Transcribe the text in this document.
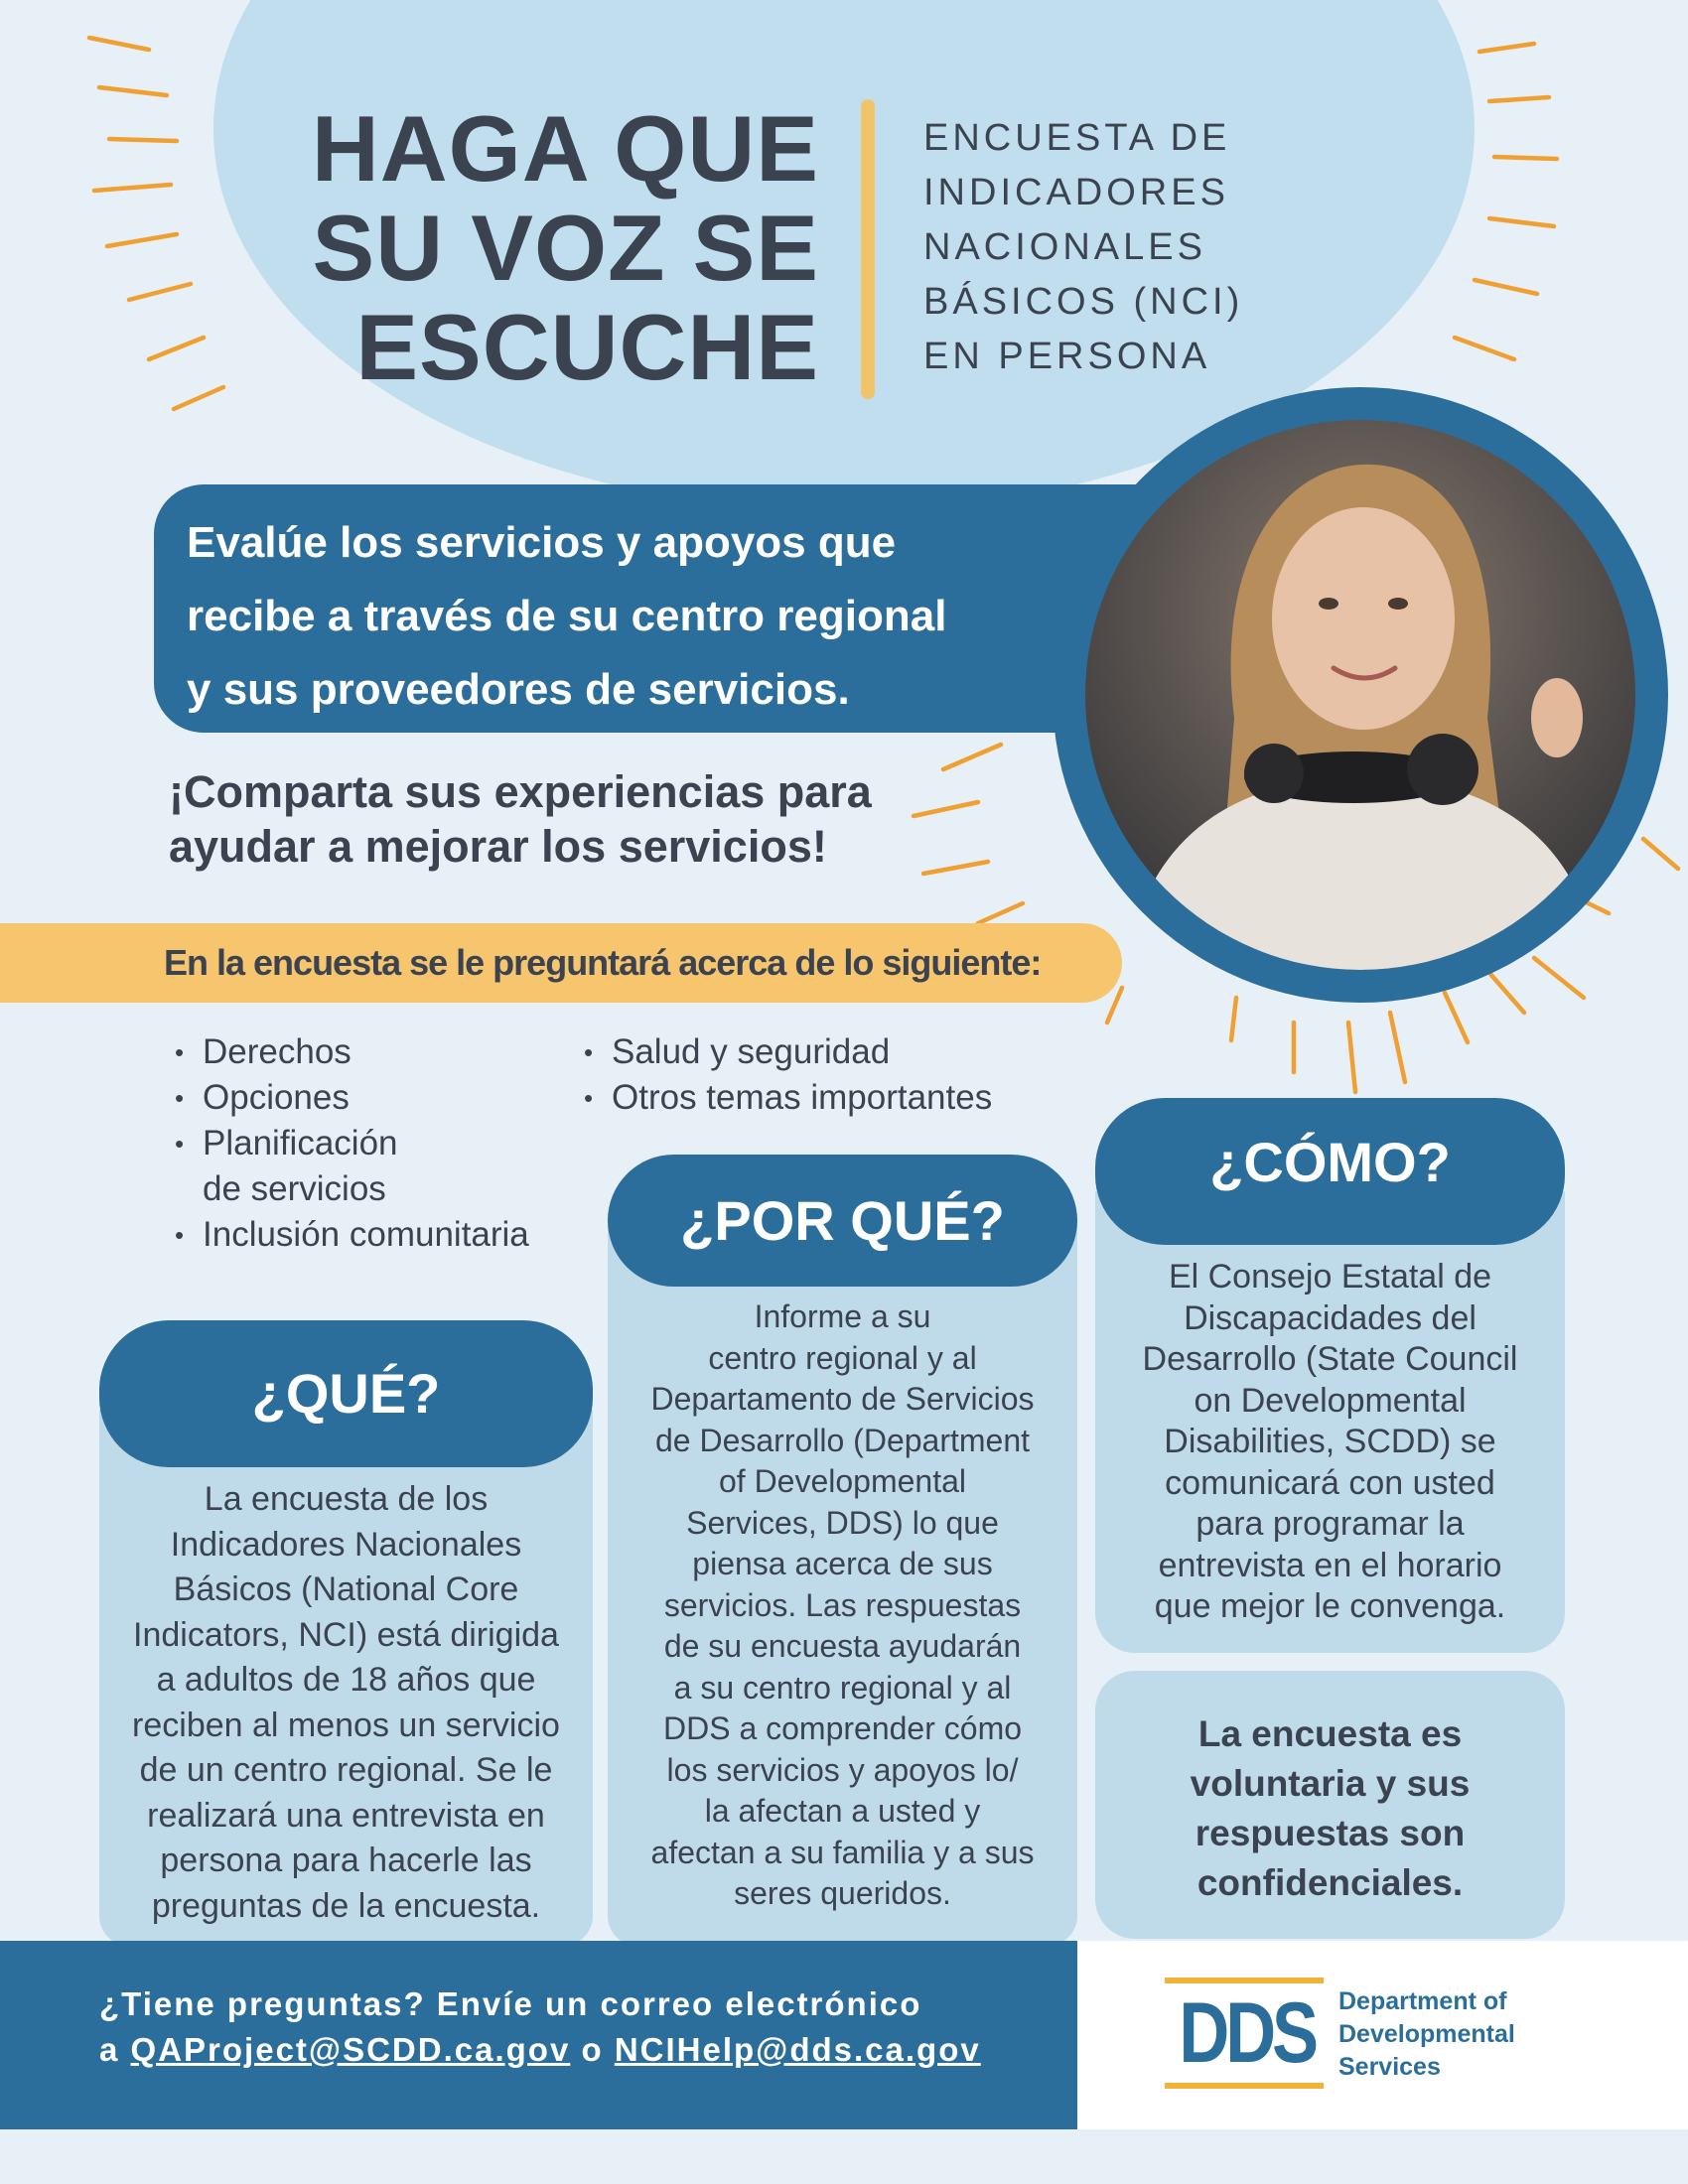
HAGA QUE
SU VOZ SE
ESCUCHE
ENCUESTA DE
INDICADORES
NACIONALES
BÁSICOS (NCI)
EN PERSONA
Evalúe los servicios y apoyos que
recibe a través de su centro regional
y sus proveedores de servicios.
¡Comparta sus experiencias para
ayudar a mejorar los servicios!
En la encuesta se le preguntará acerca de lo siguiente:
• Derechos
• Opciones
• Planificación de servicios
• Inclusión comunitaria
• Salud y seguridad
• Otros temas importantes
¿QUÉ?
La encuesta de los
Indicadores Nacionales
Básicos (National Core
Indicators, NCI) está dirigida
a adultos de 18 años que
reciben al menos un servicio
de un centro regional. Se le
realizará una entrevista en
persona para hacerle las
preguntas de la encuesta.
¿POR QUÉ?
Informe a su
centro regional y al
Departamento de Servicios
de Desarrollo (Department
of Developmental
Services, DDS) lo que
piensa acerca de sus
servicios. Las respuestas
de su encuesta ayudarán
a su centro regional y al
DDS a comprender cómo
los servicios y apoyos lo/
la afectan a usted y
afectan a su familia y a sus
seres queridos.
¿CÓMO?
El Consejo Estatal de
Discapacidades del
Desarrollo (State Council
on Developmental
Disabilities, SCDD) se
comunicará con usted
para programar la
entrevista en el horario
que mejor le convenga.
La encuesta es
voluntaria y sus
respuestas son
confidenciales.
¿Tiene preguntas? Envíe un correo electrónico
a QAProject@SCDD.ca.gov o NCIHelp@dds.ca.gov DDS Department of
Developmental
Services
